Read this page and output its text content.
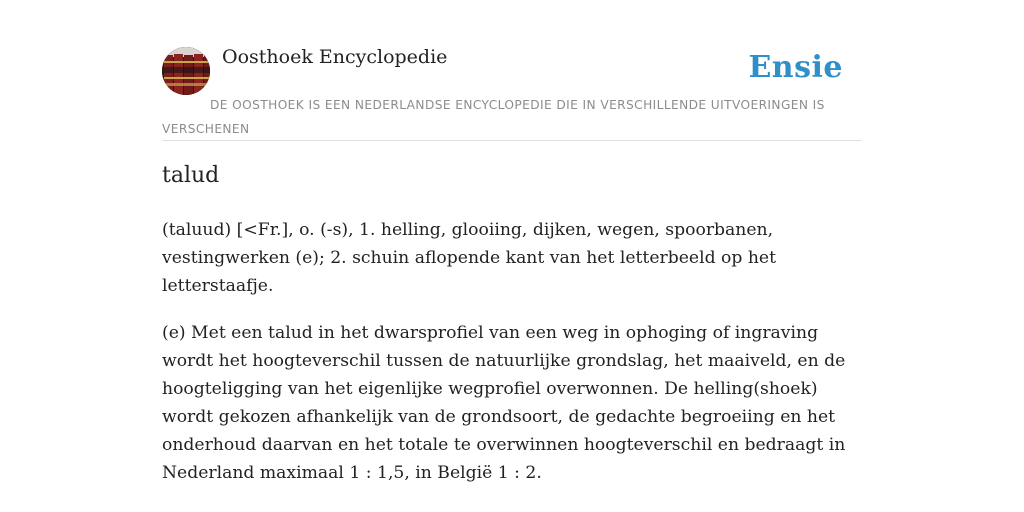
Oosthoek Encyclopedie	Ensie
DE OOSTHOEK IS EEN NEDERLANDSE ENCYCLOPEDIE DIE IN VERSCHILLENDE UITVOERINGEN IS VERSCHENEN
talud

(taluud) [<Fr.], o. (-s), 1. helling, glooiing, dijken, wegen, spoorbanen, vestingwerken (e); 2. schuin aflopende kant van het letterbeeld op het letterstaafje.

(e) Met een talud in het dwarsprofiel van een weg in ophoging of ingraving wordt het hoogteverschil tussen de natuurlijke grondslag, het maaiveld, en de hoogteligging van het eigenlijke wegprofiel overwonnen. De helling(shoek) wordt gekozen afhankelijk van de grondsoort, de gedachte begroeiing en het onderhoud daarvan en het totale te overwinnen hoogteverschil en bedraagt in Nederland maximaal 1 : 1,5, in België 1 : 2.
